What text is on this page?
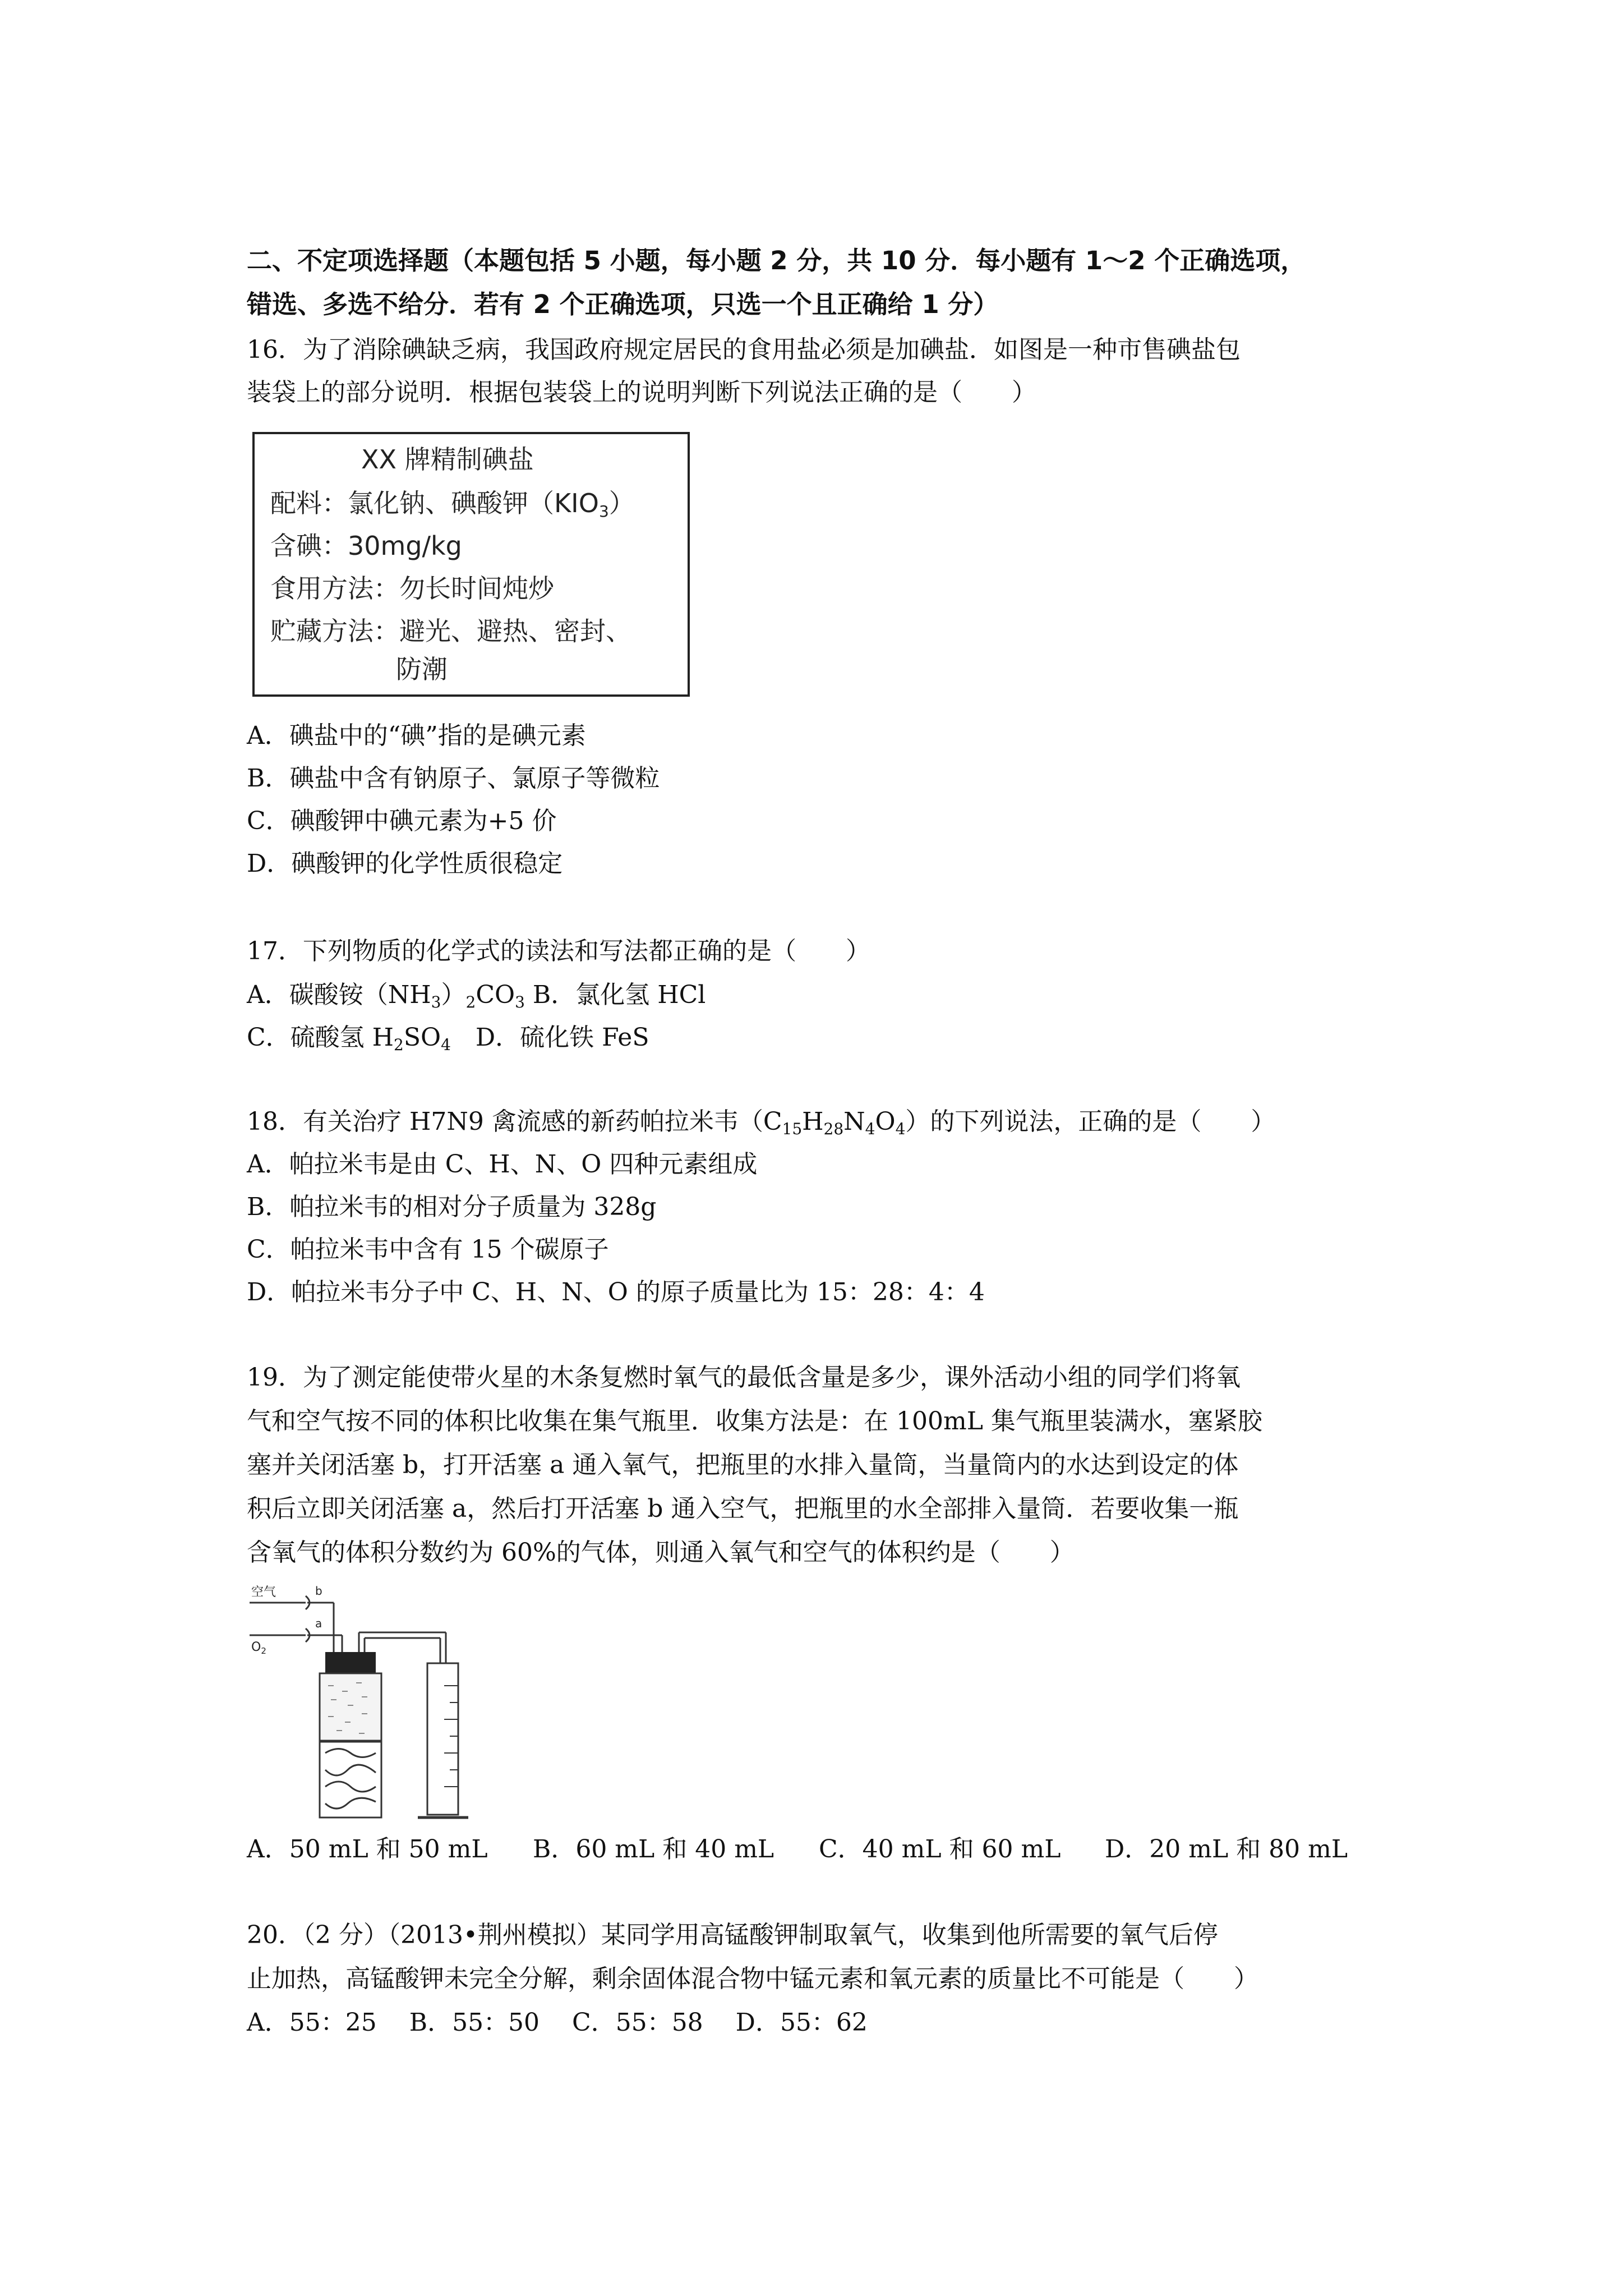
二、不定项选择题（本题包括 5 小题，每小题 2 分，共 10 分．每小题有 1～2 个正确选项，
错选、多选不给分．若有 2 个正确选项，只选一个且正确给 1 分）
16．为了消除碘缺乏病，我国政府规定居民的食用盐必须是加碘盐．如图是一种市售碘盐包
装袋上的部分说明．根据包装袋上的说明判断下列说法正确的是（　　）
XX 牌精制碘盐
配料：氯化钠、碘酸钾$(KIO_3)$
含碘：30mg/kg
食用方法：勿长时间炖炒
贮藏方法：避光、避热、密封、
防潮
A．碘盐中的“碘”指的是碘元素
B．碘盐中含有钠原子、氯原子等微粒
C．碘酸钾中碘元素为+5 价
D．碘酸钾的化学性质很稳定
17．下列物质的化学式的读法和写法都正确的是（　　）
A．碳酸铵$(NH_3)_2CO_3$ B．氯化氢 HCl
C．硫酸氢 $H_2SO_4$　D．硫化铁 FeS
18．有关治疗 H7N9 禽流感的新药帕拉米韦$(C_{15}H_{28}N_4O_4)$的下列说法，正确的是（　　）
A．帕拉米韦是由 C、H、N、O 四种元素组成
B．帕拉米韦的相对分子质量为 328g
C．帕拉米韦中含有 15 个碳原子
D．帕拉米韦分子中 C、H、N、O 的原子质量比为 15：28：4：4
19．为了测定能使带火星的木条复燃时氧气的最低含量是多少，课外活动小组的同学们将氧
气和空气按不同的体积比收集在集气瓶里．收集方法是：在 100mL 集气瓶里装满水，塞紧胶
塞并关闭活塞 b，打开活塞 a 通入氧气，把瓶里的水排入量筒，当量筒内的水达到设定的体
积后立即关闭活塞 a，然后打开活塞 b 通入空气，把瓶里的水全部排入量筒．若要收集一瓶
含氧气的体积分数约为 60%的气体，则通入氧气和空气的体积约是（　　）
空气
$O_2$
b
a
A．50 mL 和 50 mL B．60 mL 和 40 mL C．40 mL 和 60 mL D．20 mL 和 80 mL
20．（2 分）（2013•荆州模拟）某同学用高锰酸钾制取氧气，收集到他所需要的氧气后停
止加热，高锰酸钾未完全分解，剩余固体混合物中锰元素和氧元素的质量比不可能是（　　）
A．55：25　 B．55：50　 C．55：58　 D．55：62
